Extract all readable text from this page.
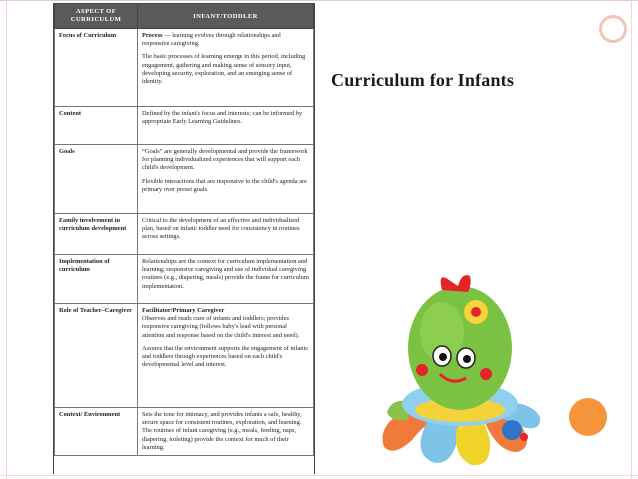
ASPECT OF CURRICULUM	INFANT/TODDLER
Focus of Curriculum	Process — learning evolves through relationships and responsive caregiving.

The basic processes of learning emerge in this period, including engagement, gathering and making sense of sensory input, developing security, exploration, and an emerging sense of identity.

Content	Defined by the infant's focus and interests; can be informed by appropriate Early Learning Guidelines.

Goals	“Goals” are generally developmental and provide the framework for planning individualized experiences that will support each child's development.

Flexible interactions that are responsive to the child's agenda are primary over preset goals.

Family involvement in curriculum development	Critical to the development of an effective and individualized plan, based on infant/ toddler need for consistency in routines across settings.

Implementation of curriculum	Relationships are the context for curriculum implementation and learning; responsive caregiving and use of individual caregiving routines (e.g., diapering, meals) provide the frame for curriculum implementation.

Role of Teacher–Caregiver	Facilitator/Primary Caregiver
Observes and reads cues of infants and toddlers; provides responsive caregiving (follows baby's lead with personal attention and response based on the child's interest and need).

Assures that the environment supports the engagement of infants and toddlers through experiences based on each child's developmental level and interest.

Context/ Environment	Sets the tone for intimacy, and provides infants a safe, healthy, secure space for consistent routines, exploration, and learning. The routines of infant caregiving (e.g., meals, feeding, naps, diapering, toileting) provide the context for much of their learning.

Curriculum for Infants
